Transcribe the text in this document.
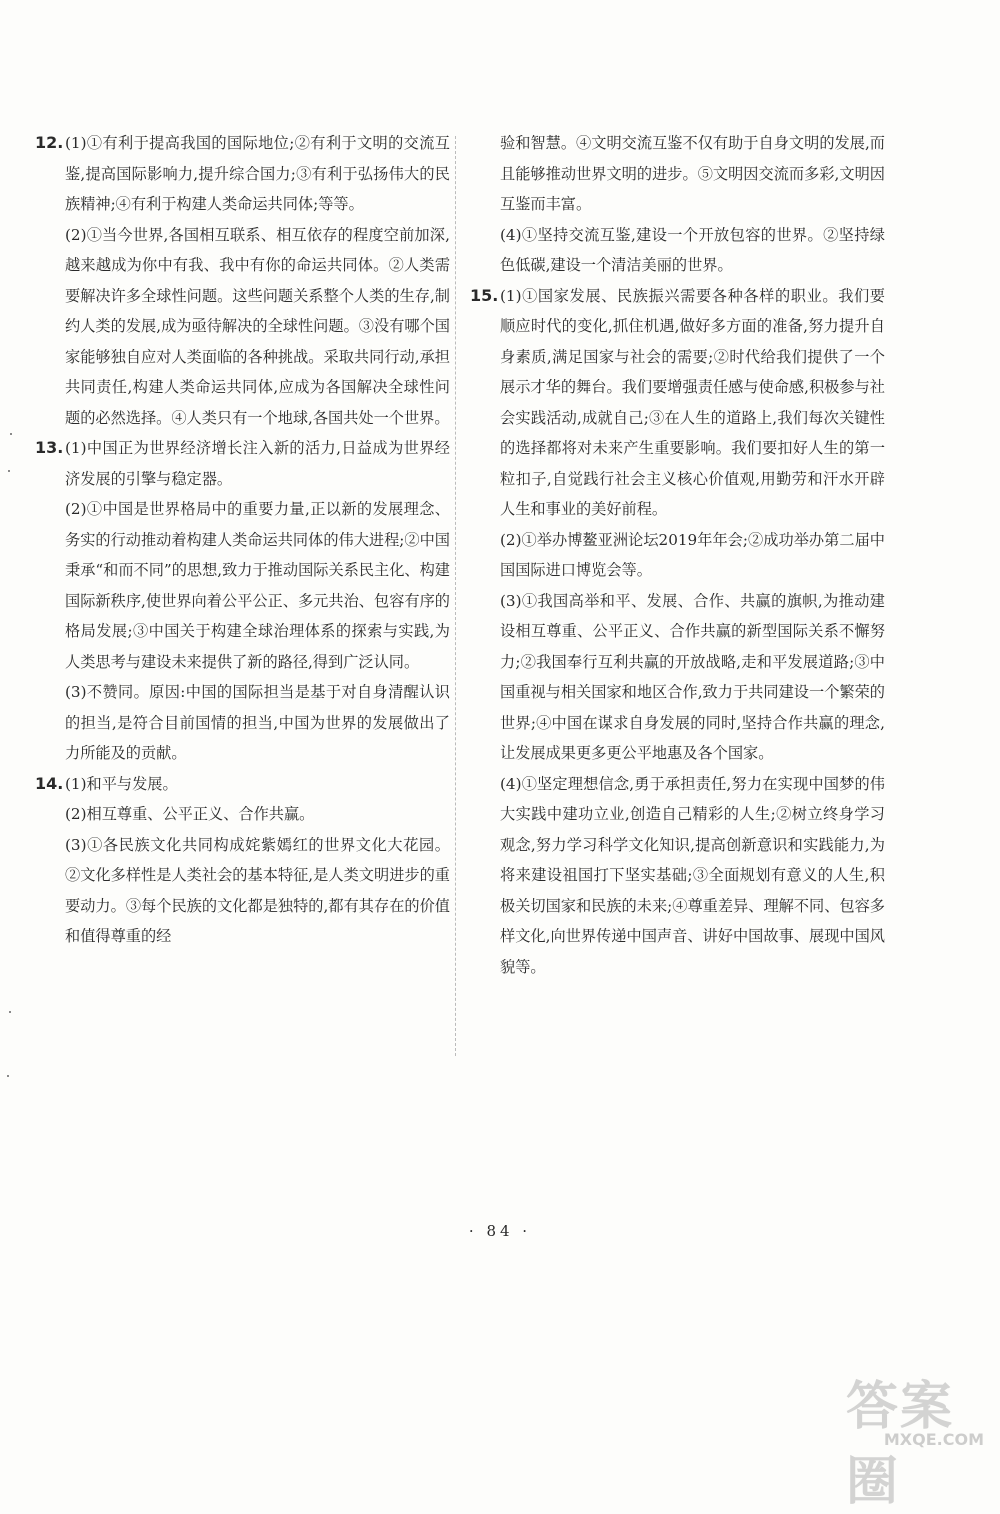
12. (1)①有利于提高我国的国际地位;②有利于文明的交流互鉴,提高国际影响力,提升综合国力;③有利于弘扬伟大的民族精神;④有利于构建人类命运共同体;等等。

(2)①当今世界,各国相互联系、相互依存的程度空前加深,越来越成为你中有我、我中有你的命运共同体。②人类需要解决许多全球性问题。这些问题关系整个人类的生存,制约人类的发展,成为亟待解决的全球性问题。③没有哪个国家能够独自应对人类面临的各种挑战。采取共同行动,承担共同责任,构建人类命运共同体,应成为各国解决全球性问题的必然选择。④人类只有一个地球,各国共处一个世界。

13. (1)中国正为世界经济增长注入新的活力,日益成为世界经济发展的引擎与稳定器。

(2)①中国是世界格局中的重要力量,正以新的发展理念、务实的行动推动着构建人类命运共同体的伟大进程;②中国秉承“和而不同”的思想,致力于推动国际关系民主化、构建国际新秩序,使世界向着公平公正、多元共治、包容有序的格局发展;③中国关于构建全球治理体系的探索与实践,为人类思考与建设未来提供了新的路径,得到广泛认同。

(3)不赞同。原因:中国的国际担当是基于对自身清醒认识的担当,是符合目前国情的担当,中国为世界的发展做出了力所能及的贡献。

14. (1)和平与发展。

(2)相互尊重、公平正义、合作共赢。

(3)①各民族文化共同构成姹紫嫣红的世界文化大花园。②文化多样性是人类社会的基本特征,是人类文明进步的重要动力。③每个民族的文化都是独特的,都有其存在的价值和值得尊重的经

验和智慧。④文明交流互鉴不仅有助于自身文明的发展,而且能够推动世界文明的进步。⑤文明因交流而多彩,文明因互鉴而丰富。

(4)①坚持交流互鉴,建设一个开放包容的世界。②坚持绿色低碳,建设一个清洁美丽的世界。

15. (1)①国家发展、民族振兴需要各种各样的职业。我们要顺应时代的变化,抓住机遇,做好多方面的准备,努力提升自身素质,满足国家与社会的需要;②时代给我们提供了一个展示才华的舞台。我们要增强责任感与使命感,积极参与社会实践活动,成就自己;③在人生的道路上,我们每次关键性的选择都将对未来产生重要影响。我们要扣好人生的第一粒扣子,自觉践行社会主义核心价值观,用勤劳和汗水开辟人生和事业的美好前程。

(2)①举办博鳌亚洲论坛2019年年会;②成功举办第二届中国国际进口博览会等。

(3)①我国高举和平、发展、合作、共赢的旗帜,为推动建设相互尊重、公平正义、合作共赢的新型国际关系不懈努力;②我国奉行互利共赢的开放战略,走和平发展道路;③中国重视与相关国家和地区合作,致力于共同建设一个繁荣的世界;④中国在谋求自身发展的同时,坚持合作共赢的理念,让发展成果更多更公平地惠及各个国家。

(4)①坚定理想信念,勇于承担责任,努力在实现中国梦的伟大实践中建功立业,创造自己精彩的人生;②树立终身学习观念,努力学习科学文化知识,提高创新意识和实践能力,为将来建设祖国打下坚实基础;③全面规划有意义的人生,积极关切国家和民族的未来;④尊重差异、理解不同、包容多样文化,向世界传递中国声音、讲好中国故事、展现中国风貌等。

· 84 ·
答案圈
MXQE.COM
